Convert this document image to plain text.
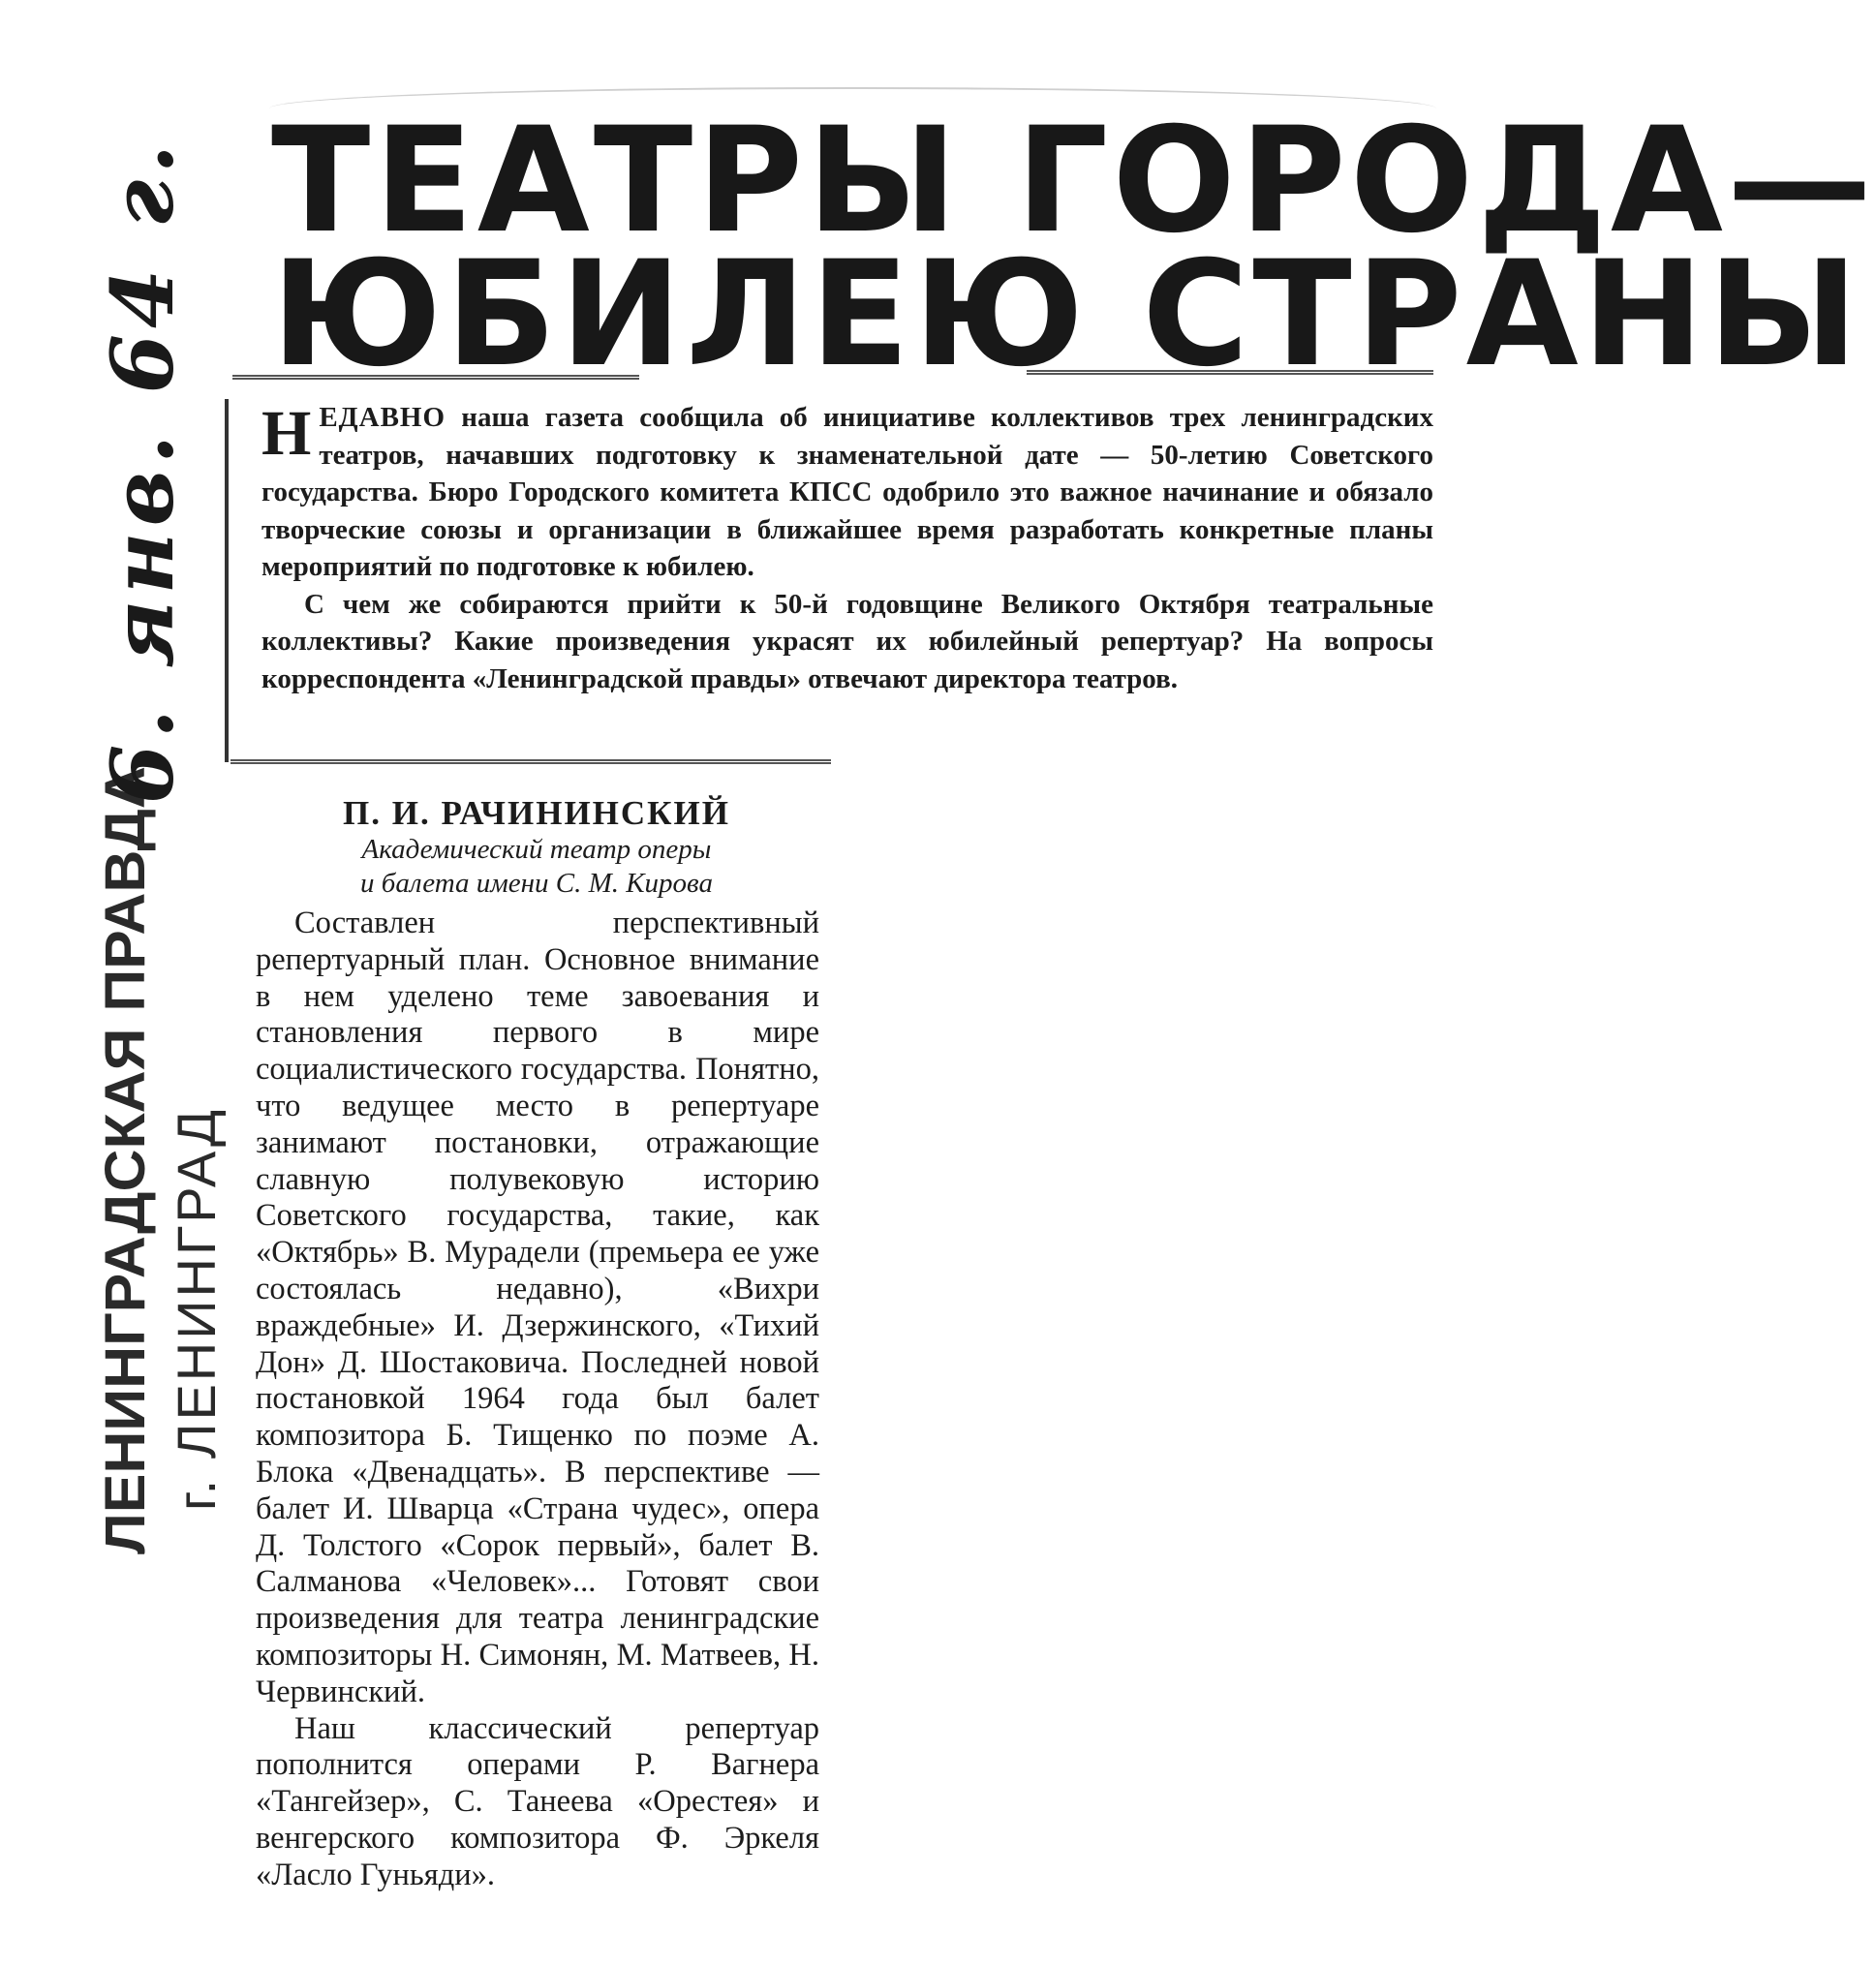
ТЕАТРЫ ГОРОДА—
ЮБИЛЕЮ СТРАНЫ

НЕДАВНО наша газета сообщила об инициативе коллективов трех ленинградских театров, начавших подготовку к знаменательной дате — 50-летию Советского государства. Бюро Городского комитета КПСС одобрило это важное начинание и обязало творческие союзы и организации в ближайшее время разработать конкретные планы мероприятий по подготовке к юбилею.

С чем же собираются прийти к 50-й годовщине Великого Октября театральные коллективы? Какие произведения украсят их юбилейный репертуар? На вопросы корреспондента «Ленинградской правды» отвечают директора театров.

П. И. РАЧИНИНСКИЙ

Академический театр оперы
и балета имени С. М. Кирова

Составлен перспективный репертуарный план. Основное внимание в нем уделено теме завоевания и становления первого в мире социалистического государства. Понятно, что ведущее место в репертуаре занимают постановки, отражающие славную полувековую историю Советского государства, такие, как «Октябрь» В. Мурадели (премьера ее уже состоялась недавно), «Вихри враждебные» И. Дзержинского, «Тихий Дон» Д. Шостаковича. Последней новой постановкой 1964 года был балет композитора Б. Тищенко по поэме А. Блока «Двенадцать». В перспективе — балет И. Шварца «Страна чудес», опера Д. Толстого «Сорок первый», балет В. Салманова «Человек»... Готовят свои произведения для театра ленинградские композиторы Н. Симонян, М. Матвеев, Н. Червинский.

Наш классический репертуар пополнится операми Р. Вагнера «Тангейзер», С. Танеева «Орестея» и венгерского композитора Ф. Эркеля «Ласло Гуньяди».

ЛЕНИНГРАДСКАЯ ПРАВДА г. ЛЕНИНГРАД
6. янв. 64 г.
